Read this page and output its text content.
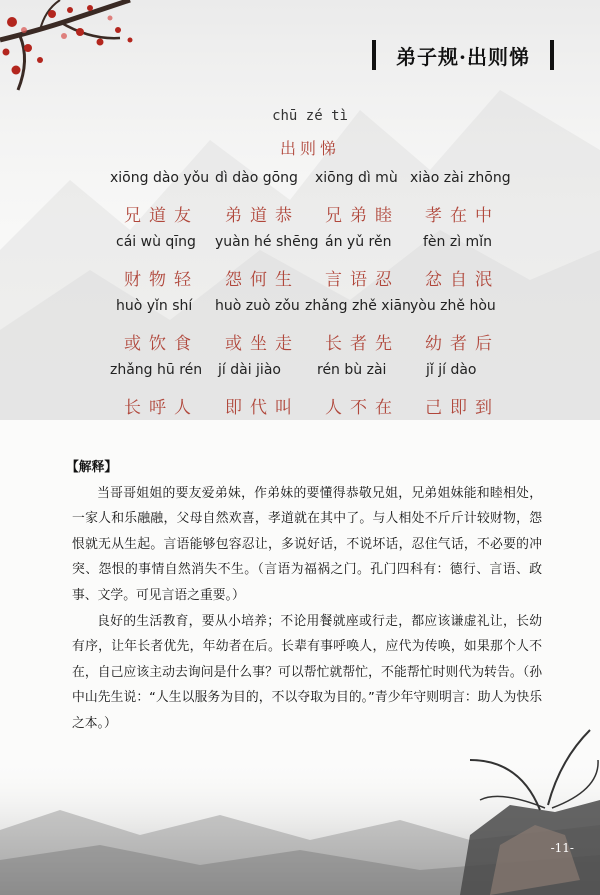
弟子规·出则悌
chū zé tì
出则悌
xiōng dào yǒu dì dào gōng xiōng dì mù xiào zài zhōng
兄道友 弟道恭 兄弟睦 孝在中
cái wù qīng yuàn hé shēng án yǔ rěn fèn zì mǐn
财物轻 怨何生 言语忍 忿自泯
huò yǐn shí huò zuò zǒu zhǎng zhě xiān yòu zhě hòu
或饮食 或坐走 长者先 幼者后
zhǎng hū rén jí dài jiào	rén bù zài	jǐ jí dào
长呼人 即代叫 人不在 己即到
【解释】

当哥哥姐姐的要友爱弟妹，作弟妹的要懂得恭敬兄姐，兄弟姐妹能和睦相处，一家人和乐融融，父母自然欢喜，孝道就在其中了。与人相处不斤斤计较财物，怨恨就无从生起。言语能够包容忍让，多说好话，不说坏话，忍住气话，不必要的冲突、怨恨的事情自然消失不生。（言语为福祸之门。孔门四科有：德行、言语、政事、文学。可见言语之重要。）

良好的生活教育，要从小培养；不论用餐就座或行走，都应该谦虚礼让，长幼有序，让年长者优先，年幼者在后。长辈有事呼唤人，应代为传唤，如果那个人不在，自己应该主动去询问是什么事？可以帮忙就帮忙，不能帮忙时则代为转告。（孙中山先生说：“人生以服务为目的，不以夺取为目的。”青少年守则明言：助人为快乐之本。）

-11-
